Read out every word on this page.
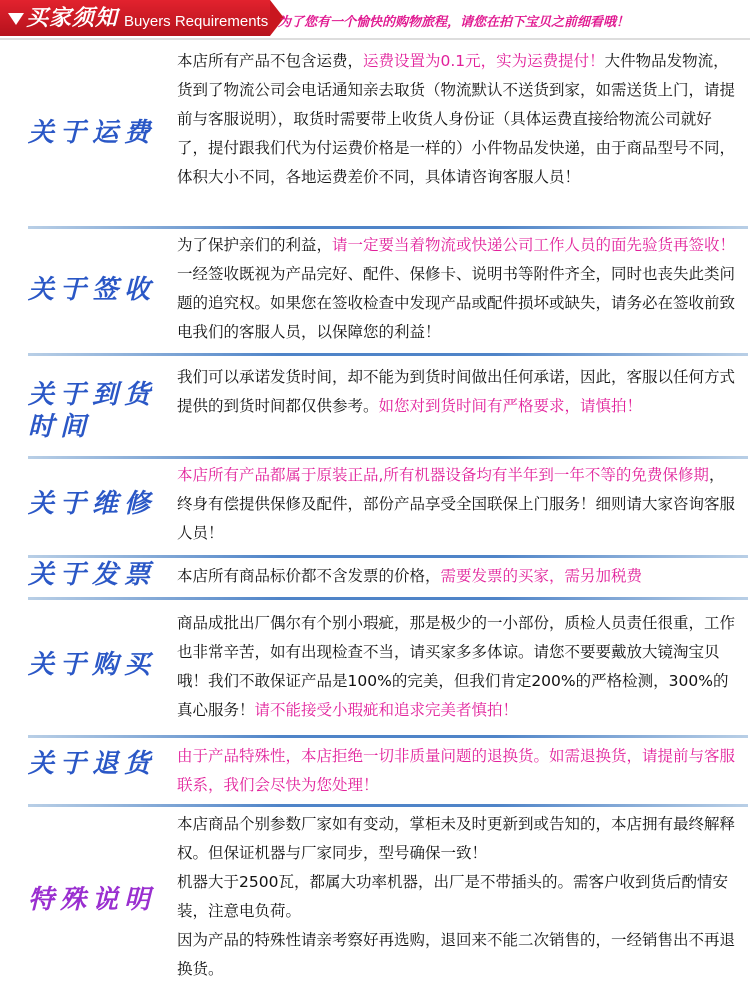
买家须知 Buyers Requirements 为了您有一个愉快的购物旅程，请您在拍下宝贝之前细看哦！
关于运费
本店所有产品不包含运费，运费设置为0.1元，实为运费提付！大件物品发物流，货到了物流公司会电话通知亲去取货（物流默认不送货到家，如需送货上门，请提前与客服说明），取货时需要带上收货人身份证（具体运费直接给物流公司就好了，提付跟我们代为付运费价格是一样的）小件物品发快递，由于商品型号不同，体积大小不同，各地运费差价不同，具体请咨询客服人员！
关于签收
为了保护亲们的利益，请一定要当着物流或快递公司工作人员的面先验货再签收！一经签收既视为产品完好、配件、保修卡、说明书等附件齐全，同时也丧失此类问题的追究权。如果您在签收检查中发现产品或配件损坏或缺失，请务必在签收前致电我们的客服人员，以保障您的利益！
关于到货
时间
我们可以承诺发货时间，却不能为到货时间做出任何承诺，因此，客服以任何方式提供的到货时间都仅供参考。如您对到货时间有严格要求，请慎拍！
关于维修
本店所有产品都属于原装正品,所有机器设备均有半年到一年不等的免费保修期，终身有偿提供保修及配件，部份产品享受全国联保上门服务！细则请大家咨询客服人员！
关于发票 本店所有商品标价都不含发票的价格，需要发票的买家，需另加税费
关于购买
商品成批出厂偶尔有个别小瑕疵，那是极少的一小部份，质检人员责任很重，工作也非常辛苦，如有出现检查不当，请买家多多体谅。请您不要要戴放大镜淘宝贝哦！我们不敢保证产品是100%的完美，但我们肯定200%的严格检测，300%的真心服务！请不能接受小瑕疵和追求完美者慎拍！
关于退货 由于产品特殊性，本店拒绝一切非质量问题的退换货。如需退换货，请提前与客服联系，我们会尽快为您处理！
特殊说明
本店商品个别参数厂家如有变动，掌柜未及时更新到或告知的，本店拥有最终解释权。但保证机器与厂家同步，型号确保一致！
机器大于2500瓦，都属大功率机器，出厂是不带插头的。需客户收到货后酌情安装，注意电负荷。
因为产品的特殊性请亲考察好再选购，退回来不能二次销售的，一经销售出不再退换货。
